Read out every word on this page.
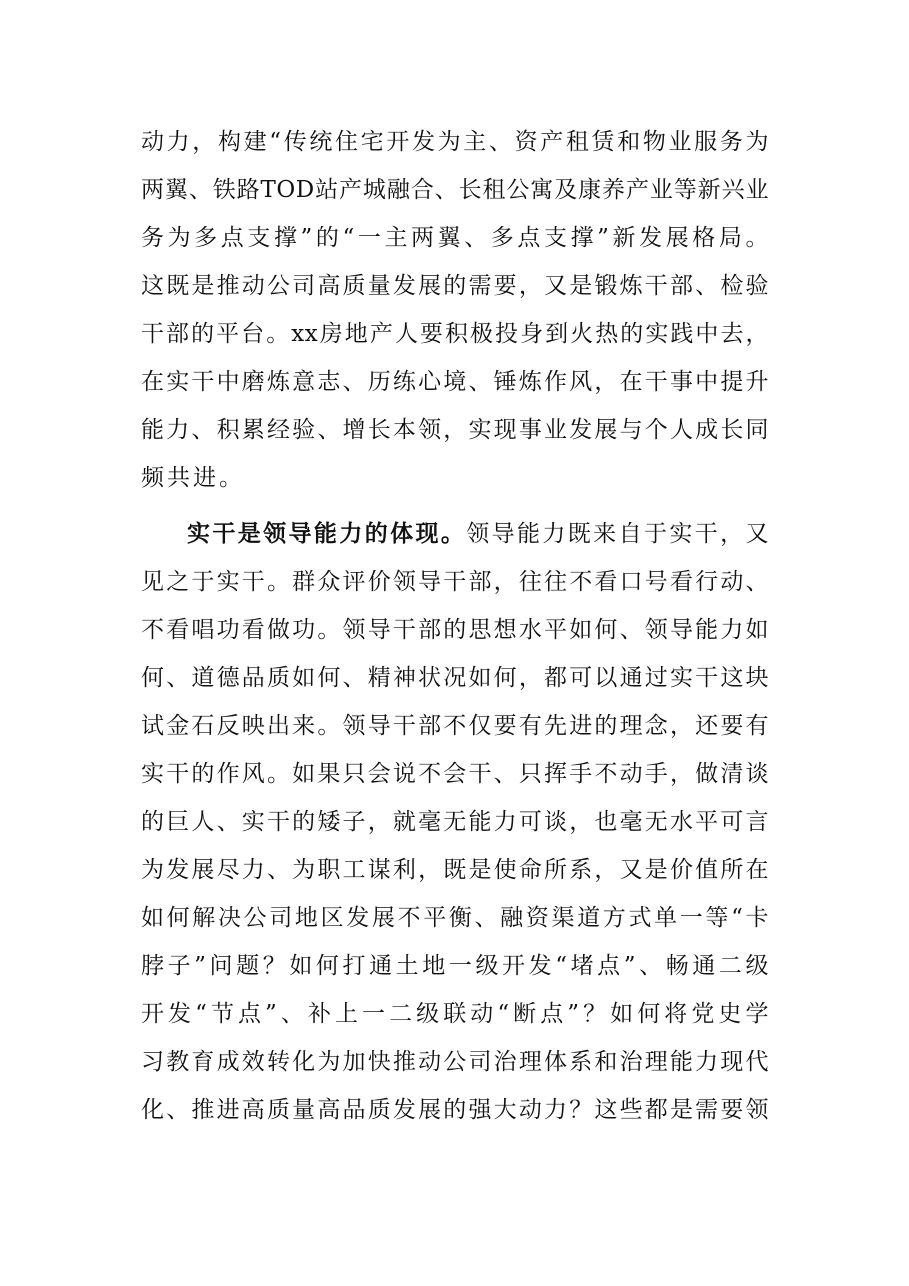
动力，构建“传统住宅开发为主、资产租赁和物业服务为
两翼、铁路TOD站产城融合、长租公寓及康养产业等新兴业
务为多点支撑”的“一主两翼、多点支撑”新发展格局。
这既是推动公司高质量发展的需要，又是锻炼干部、检验
干部的平台。xx房地产人要积极投身到火热的实践中去，
在实干中磨炼意志、历练心境、锤炼作风，在干事中提升
能力、积累经验、增长本领，实现事业发展与个人成长同
频共进。
实干是领导能力的体现。领导能力既来自于实干，又
见之于实干。群众评价领导干部，往往不看口号看行动、
不看唱功看做功。领导干部的思想水平如何、领导能力如
何、道德品质如何、精神状况如何，都可以通过实干这块
试金石反映出来。领导干部不仅要有先进的理念，还要有
实干的作风。如果只会说不会干、只挥手不动手，做清谈
的巨人、实干的矮子，就毫无能力可谈，也毫无水平可言
为发展尽力、为职工谋利，既是使命所系，又是价值所在
如何解决公司地区发展不平衡、融资渠道方式单一等“卡
脖子”问题？如何打通土地一级开发“堵点”、畅通二级
开发“节点”、补上一二级联动“断点”？如何将党史学
习教育成效转化为加快推动公司治理体系和治理能力现代
化、推进高质量高品质发展的强大动力？这些都是需要领
